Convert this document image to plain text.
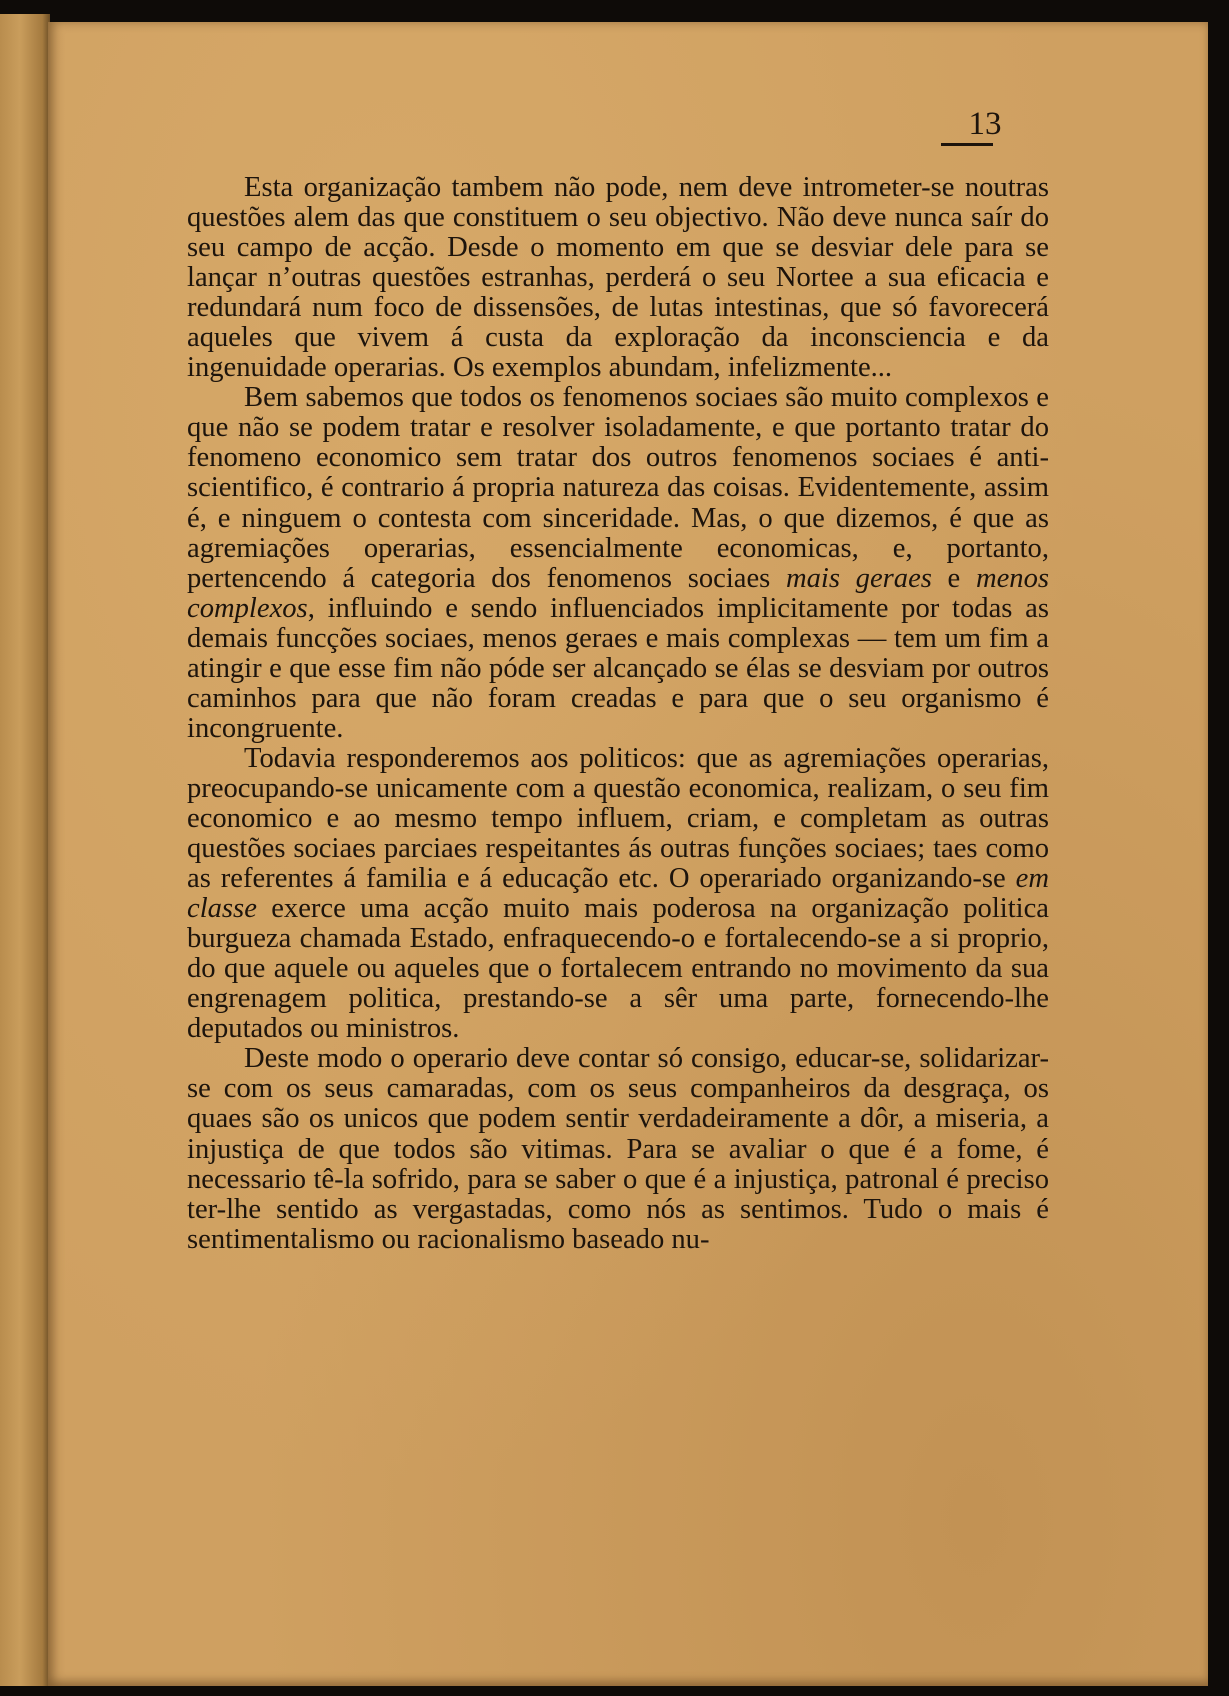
13

Esta organização tambem não pode, nem deve intrometer-se noutras questões alem das que constituem o seu objectivo. Não deve nunca saír do seu campo de acção. Desde o momento em que se desviar dele para se lançar n’outras questões estranhas, perderá o seu Nortee a sua eficacia e redundará num foco de dissensões, de lutas intestinas, que só favorecerá aqueles que vivem á custa da exploração da inconsciencia e da ingenuidade operarias. Os exemplos abundam, infelizmente...

Bem sabemos que todos os fenomenos sociaes são muito complexos e que não se podem tratar e resolver isoladamente, e que portanto tratar do fenomeno economico sem tratar dos outros fenomenos sociaes é anti-scientifico, é contrario á propria natureza das coisas. Evidentemente, assim é, e ninguem o contesta com sinceridade. Mas, o que dizemos, é que as agremiações operarias, essencialmente economicas, e, portanto, pertencendo á categoria dos fenomenos sociaes mais geraes e menos complexos, influindo e sendo influenciados implicitamente por todas as demais funcções sociaes, menos geraes e mais complexas — tem um fim a atingir e que esse fim não póde ser alcançado se élas se desviam por outros caminhos para que não foram creadas e para que o seu organismo é incongruente.

Todavia responderemos aos politicos: que as agremiações operarias, preocupando-se unicamente com a questão economica, realizam, o seu fim economico e ao mesmo tempo influem, criam, e completam as outras questões sociaes parciaes respeitantes ás outras funções sociaes; taes como as referentes á familia e á educação etc. O operariado organizando-se em classe exerce uma acção muito mais poderosa na organização politica burgueza chamada Estado, enfraquecendo-o e fortalecendo-se a si proprio, do que aquele ou aqueles que o fortalecem entrando no movimento da sua engrenagem politica, prestando-se a sêr uma parte, fornecendo-lhe deputados ou ministros.

Deste modo o operario deve contar só consigo, educar-se, solidarizar-se com os seus camaradas, com os seus companheiros da desgraça, os quaes são os unicos que podem sentir verdadeiramente a dôr, a miseria, a injustiça de que todos são vitimas. Para se avaliar o que é a fome, é necessario tê-la sofrido, para se saber o que é a injustiça, patronal é preciso ter-lhe sentido as vergastadas, como nós as sentimos. Tudo o mais é sentimentalismo ou racionalismo baseado nu-
